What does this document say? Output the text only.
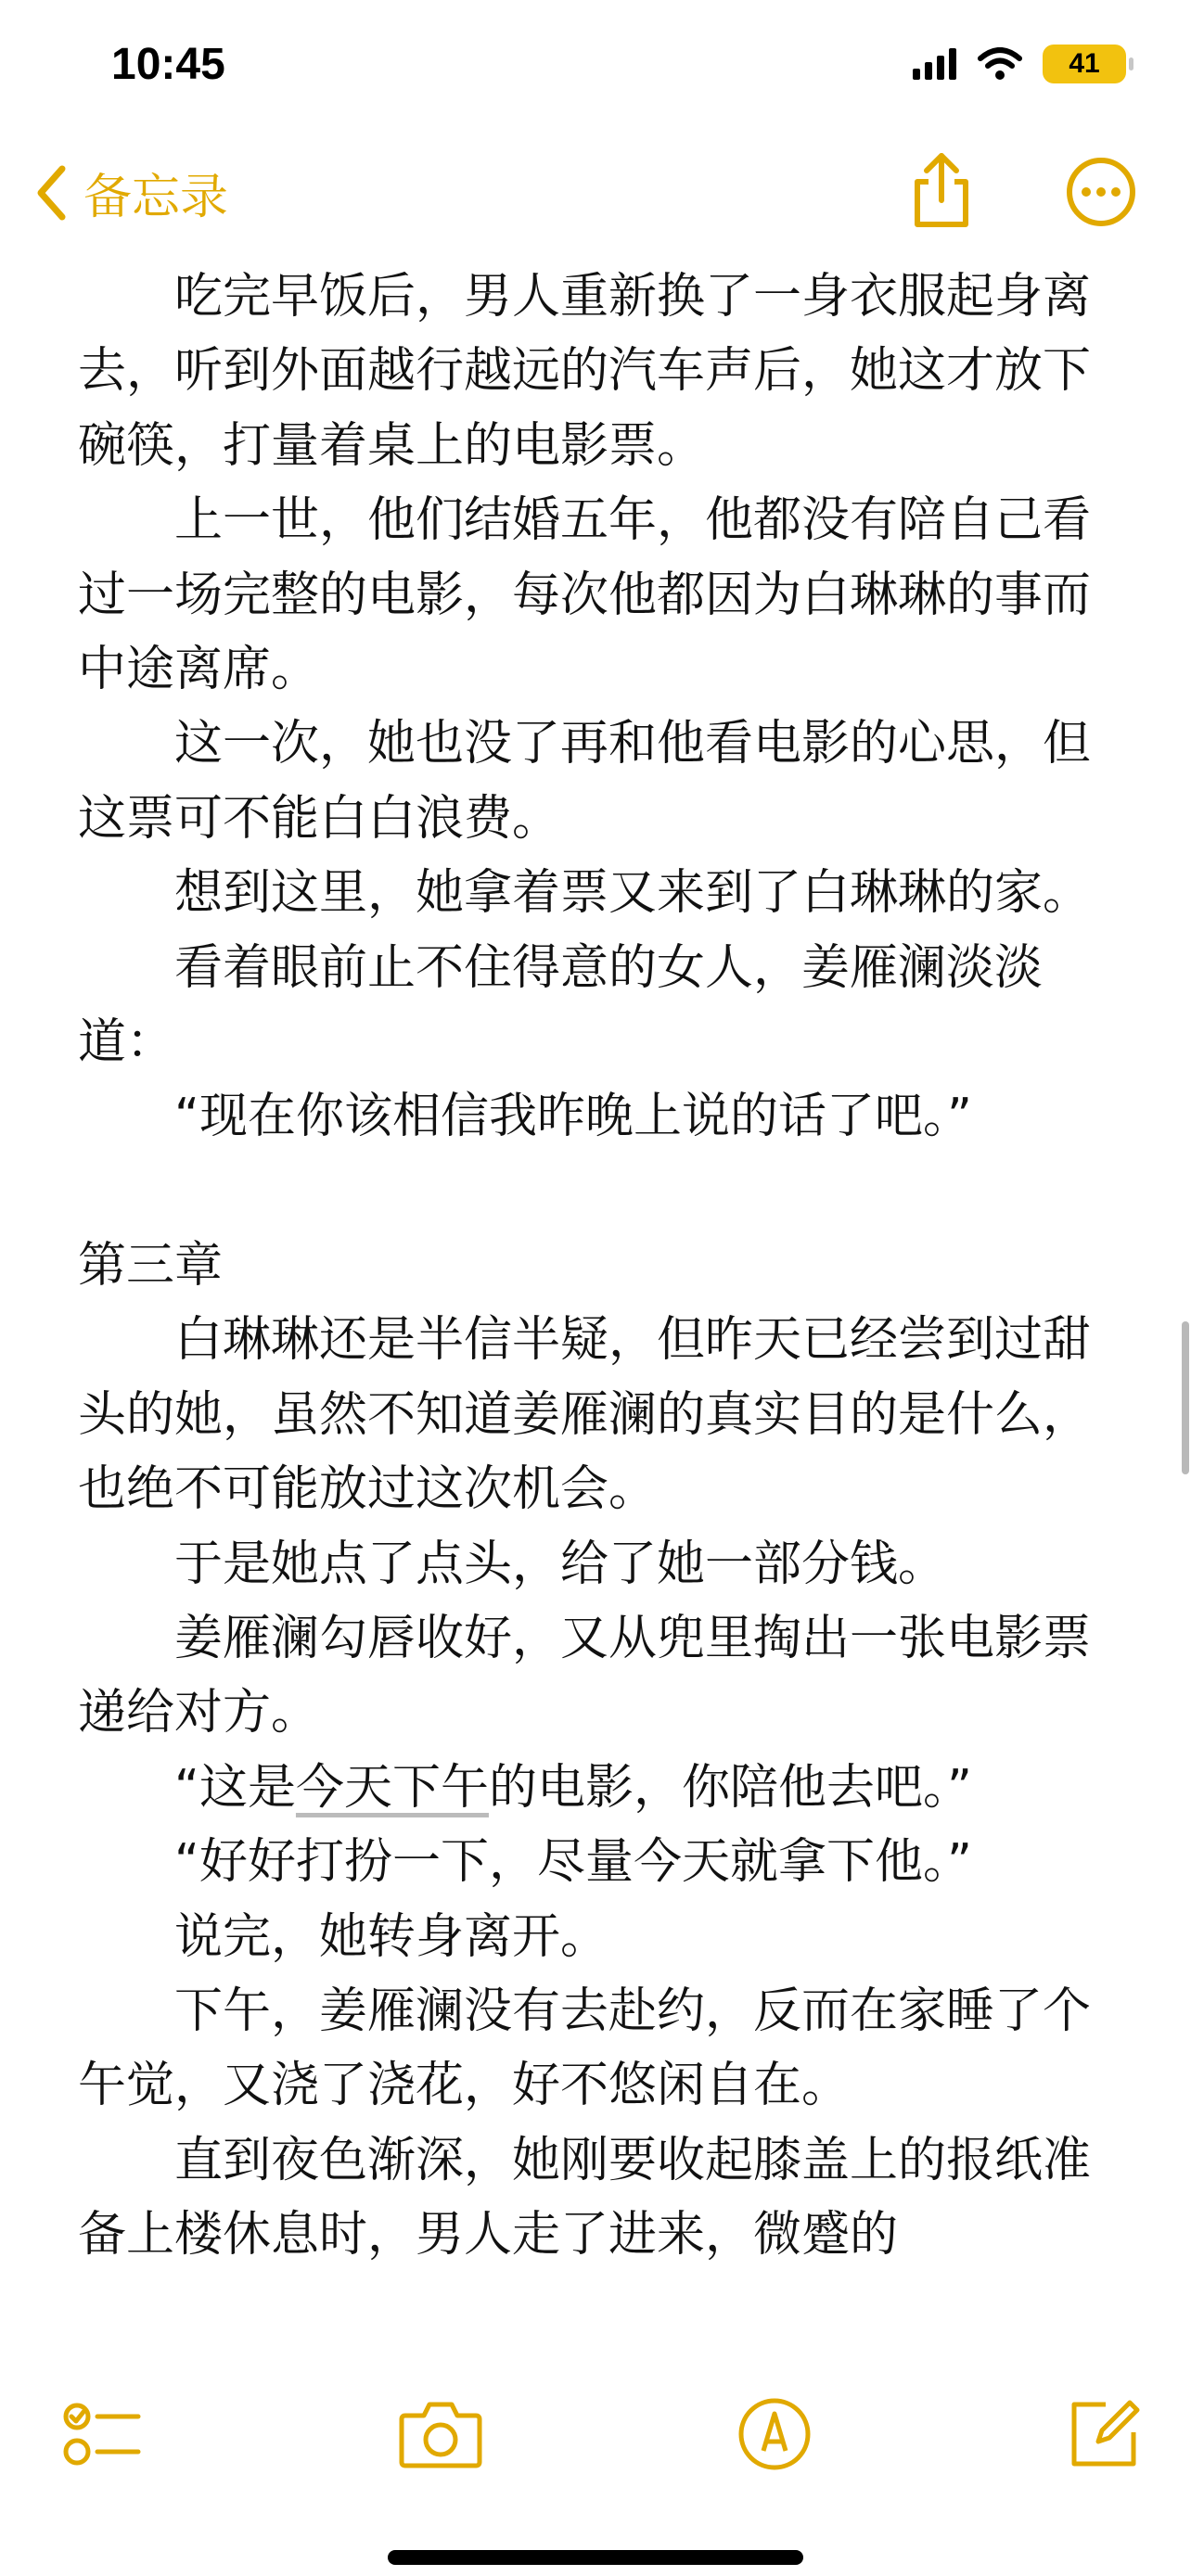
10:45	41
备忘录

吃完早饭后，男人重新换了一身衣服起身离去，听到外面越行越远的汽车声后，她这才放下碗筷，打量着桌上的电影票。

上一世，他们结婚五年，他都没有陪自己看过一场完整的电影，每次他都因为白琳琳的事而中途离席。

这一次，她也没了再和他看电影的心思，但这票可不能白白浪费。

想到这里，她拿着票又来到了白琳琳的家。

看着眼前止不住得意的女人，姜雁澜淡淡道：

“现在你该相信我昨晚上说的话了吧。”

第三章

白琳琳还是半信半疑，但昨天已经尝到过甜头的她，虽然不知道姜雁澜的真实目的是什么，也绝不可能放过这次机会。

于是她点了点头，给了她一部分钱。

姜雁澜勾唇收好，又从兜里掏出一张电影票递给对方。

“这是今天下午的电影，你陪他去吧。”

“好好打扮一下，尽量今天就拿下他。”

说完，她转身离开。

下午，姜雁澜没有去赴约，反而在家睡了个午觉，又浇了浇花，好不悠闲自在。

直到夜色渐深，她刚要收起膝盖上的报纸准备上楼休息时，男人走了进来，微蹙的
